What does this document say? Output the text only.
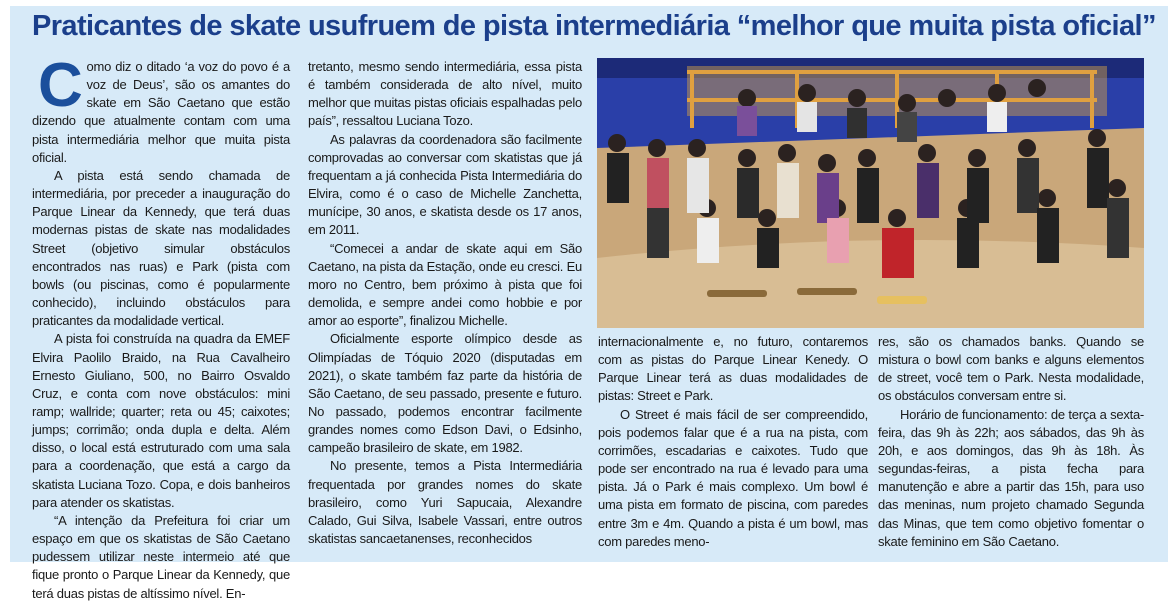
Praticantes de skate usufruem de pista intermediária “melhor que muita pista oficial”

Como diz o ditado ‘a voz do povo é a voz de Deus’, são os amantes do skate em São Caetano que estão dizendo que atualmente contam com uma pista intermediária melhor que muita pista oficial.

A pista está sendo chamada de intermediária, por preceder a inauguração do Parque Linear da Kennedy, que terá duas modernas pistas de skate nas modalidades Street (objetivo simular obstáculos encontrados nas ruas) e Park (pista com bowls (ou piscinas, como é popularmente conhecido), incluindo obstáculos para praticantes da modalidade vertical.

A pista foi construída na quadra da EMEF Elvira Paolilo Braido, na Rua Cavalheiro Ernesto Giuliano, 500, no Bairro Osvaldo Cruz, e conta com nove obstáculos: mini ramp; wallride; quarter; reta ou 45; caixotes; jumps; corrimão; onda dupla e delta. Além disso, o local está estruturado com uma sala para a coordenação, que está a cargo da skatista Luciana Tozo. Copa, e dois banheiros para atender os skatistas.

“A intenção da Prefeitura foi criar um espaço em que os skatistas de São Caetano pudessem utilizar neste intermeio até que fique pronto o Parque Linear da Kennedy, que terá duas pistas de altíssimo nível. En-

tretanto, mesmo sendo intermediária, essa pista é também considerada de alto nível, muito melhor que muitas pistas oficiais espalhadas pelo país”, ressaltou Luciana Tozo.

As palavras da coordenadora são facilmente comprovadas ao conversar com skatistas que já frequentam a já conhecida Pista Intermediária do Elvira, como é o caso de Michelle Zanchetta, munícipe, 30 anos, e skatista desde os 17 anos, em 2011.

“Comecei a andar de skate aqui em São Caetano, na pista da Estação, onde eu cresci. Eu moro no Centro, bem próximo à pista que foi demolida, e sempre andei como hobbie e por amor ao esporte”, finalizou Michelle.

Oficialmente esporte olímpico desde as Olimpíadas de Tóquio 2020 (disputadas em 2021), o skate também faz parte da história de São Caetano, de seu passado, presente e futuro. No passado, podemos encontrar facilmente grandes nomes como Edson Davi, o Edsinho, campeão brasileiro de skate, em 1982.

No presente, temos a Pista Intermediária frequentada por grandes nomes do skate brasileiro, como Yuri Sapucaia, Alexandre Calado, Gui Silva, Isabele Vassari, entre outros skatistas sancaetanenses, reconhecidos

internacionalmente e, no futuro, contaremos com as pistas do Parque Linear Kenedy. O Parque Linear terá as duas modalidades de pistas: Street e Park.

O Street é mais fácil de ser compreendido, pois podemos falar que é a rua na pista, com corrimões, escadarias e caixotes. Tudo que pode ser encontrado na rua é levado para uma pista. Já o Park é mais complexo. Um bowl é uma pista em formato de piscina, com paredes entre 3m e 4m. Quando a pista é um bowl, mas com paredes meno-

res, são os chamados banks. Quando se mistura o bowl com banks e alguns elementos de street, você tem o Park. Nesta modalidade, os obstáculos conversam entre si.

Horário de funcionamento: de terça a sexta-feira, das 9h às 22h; aos sábados, das 9h às 20h, e aos domingos, das 9h às 18h. Às segundas-feiras, a pista fecha para manutenção e abre a partir das 15h, para uso das meninas, num projeto chamado Segunda das Minas, que tem como objetivo fomentar o skate feminino em São Caetano.
